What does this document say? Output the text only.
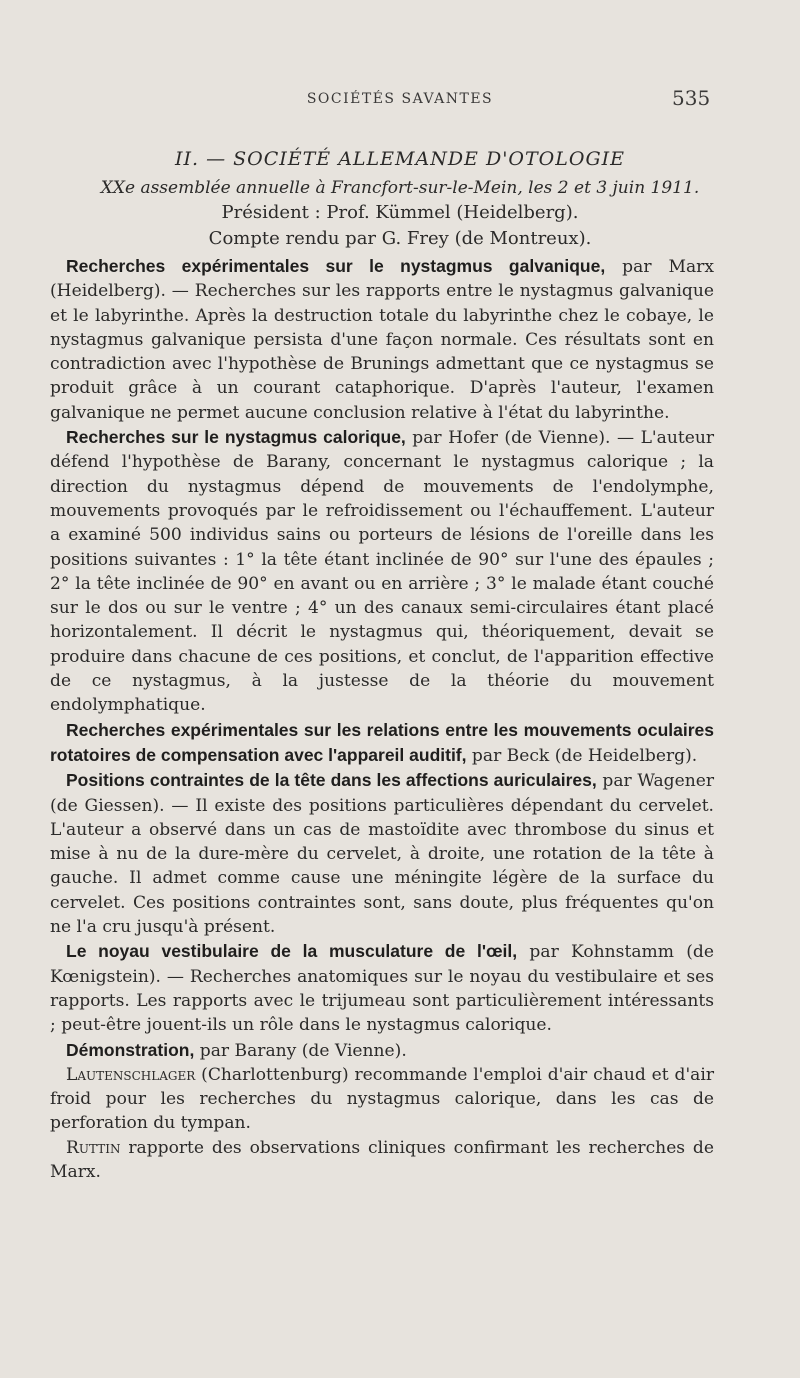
SOCIÉTÉS SAVANTES	535
II. — SOCIÉTÉ ALLEMANDE D'OTOLOGIE
XXe assemblée annuelle à Francfort-sur-le-Mein, les 2 et 3 juin 1911.
Président : Prof. Kümmel (Heidelberg).
Compte rendu par G. Frey (de Montreux).

Recherches expérimentales sur le nystagmus galvanique, par Marx (Heidelberg). — Recherches sur les rapports entre le nystagmus galvanique et le labyrinthe. Après la destruction totale du labyrinthe chez le cobaye, le nystagmus galvanique persista d'une façon normale. Ces résultats sont en contradiction avec l'hypothèse de Brunings admettant que ce nystagmus se produit grâce à un courant cataphorique. D'après l'auteur, l'examen galvanique ne permet aucune conclusion relative à l'état du labyrinthe.

Recherches sur le nystagmus calorique, par Hofer (de Vienne). — L'auteur défend l'hypothèse de Barany, concernant le nystagmus calorique ; la direction du nystagmus dépend de mouvements de l'endolymphe, mouvements provoqués par le refroidissement ou l'échauffement. L'auteur a examiné 500 individus sains ou porteurs de lésions de l'oreille dans les positions suivantes : 1° la tête étant inclinée de 90° sur l'une des épaules ; 2° la tête inclinée de 90° en avant ou en arrière ; 3° le malade étant couché sur le dos ou sur le ventre ; 4° un des canaux semi-circulaires étant placé horizontalement. Il décrit le nystagmus qui, théoriquement, devait se produire dans chacune de ces positions, et conclut, de l'apparition effective de ce nystagmus, à la justesse de la théorie du mouvement endolymphatique.

Recherches expérimentales sur les relations entre les mouvements oculaires rotatoires de compensation avec l'appareil auditif, par Beck (de Heidelberg).

Positions contraintes de la tête dans les affections auriculaires, par Wagener (de Giessen). — Il existe des positions particulières dépendant du cervelet. L'auteur a observé dans un cas de mastoïdite avec thrombose du sinus et mise à nu de la dure-mère du cervelet, à droite, une rotation de la tête à gauche. Il admet comme cause une méningite légère de la surface du cervelet. Ces positions contraintes sont, sans doute, plus fréquentes qu'on ne l'a cru jusqu'à présent.

Le noyau vestibulaire de la musculature de l'œil, par Kohnstamm (de Kœnigstein). — Recherches anatomiques sur le noyau du vestibulaire et ses rapports. Les rapports avec le trijumeau sont particulièrement intéressants ; peut-être jouent-ils un rôle dans le nystagmus calorique.

Démonstration, par Barany (de Vienne).

Lautenschlager (Charlottenburg) recommande l'emploi d'air chaud et d'air froid pour les recherches du nystagmus calorique, dans les cas de perforation du tympan.

Ruttin rapporte des observations cliniques confirmant les recherches de Marx.
